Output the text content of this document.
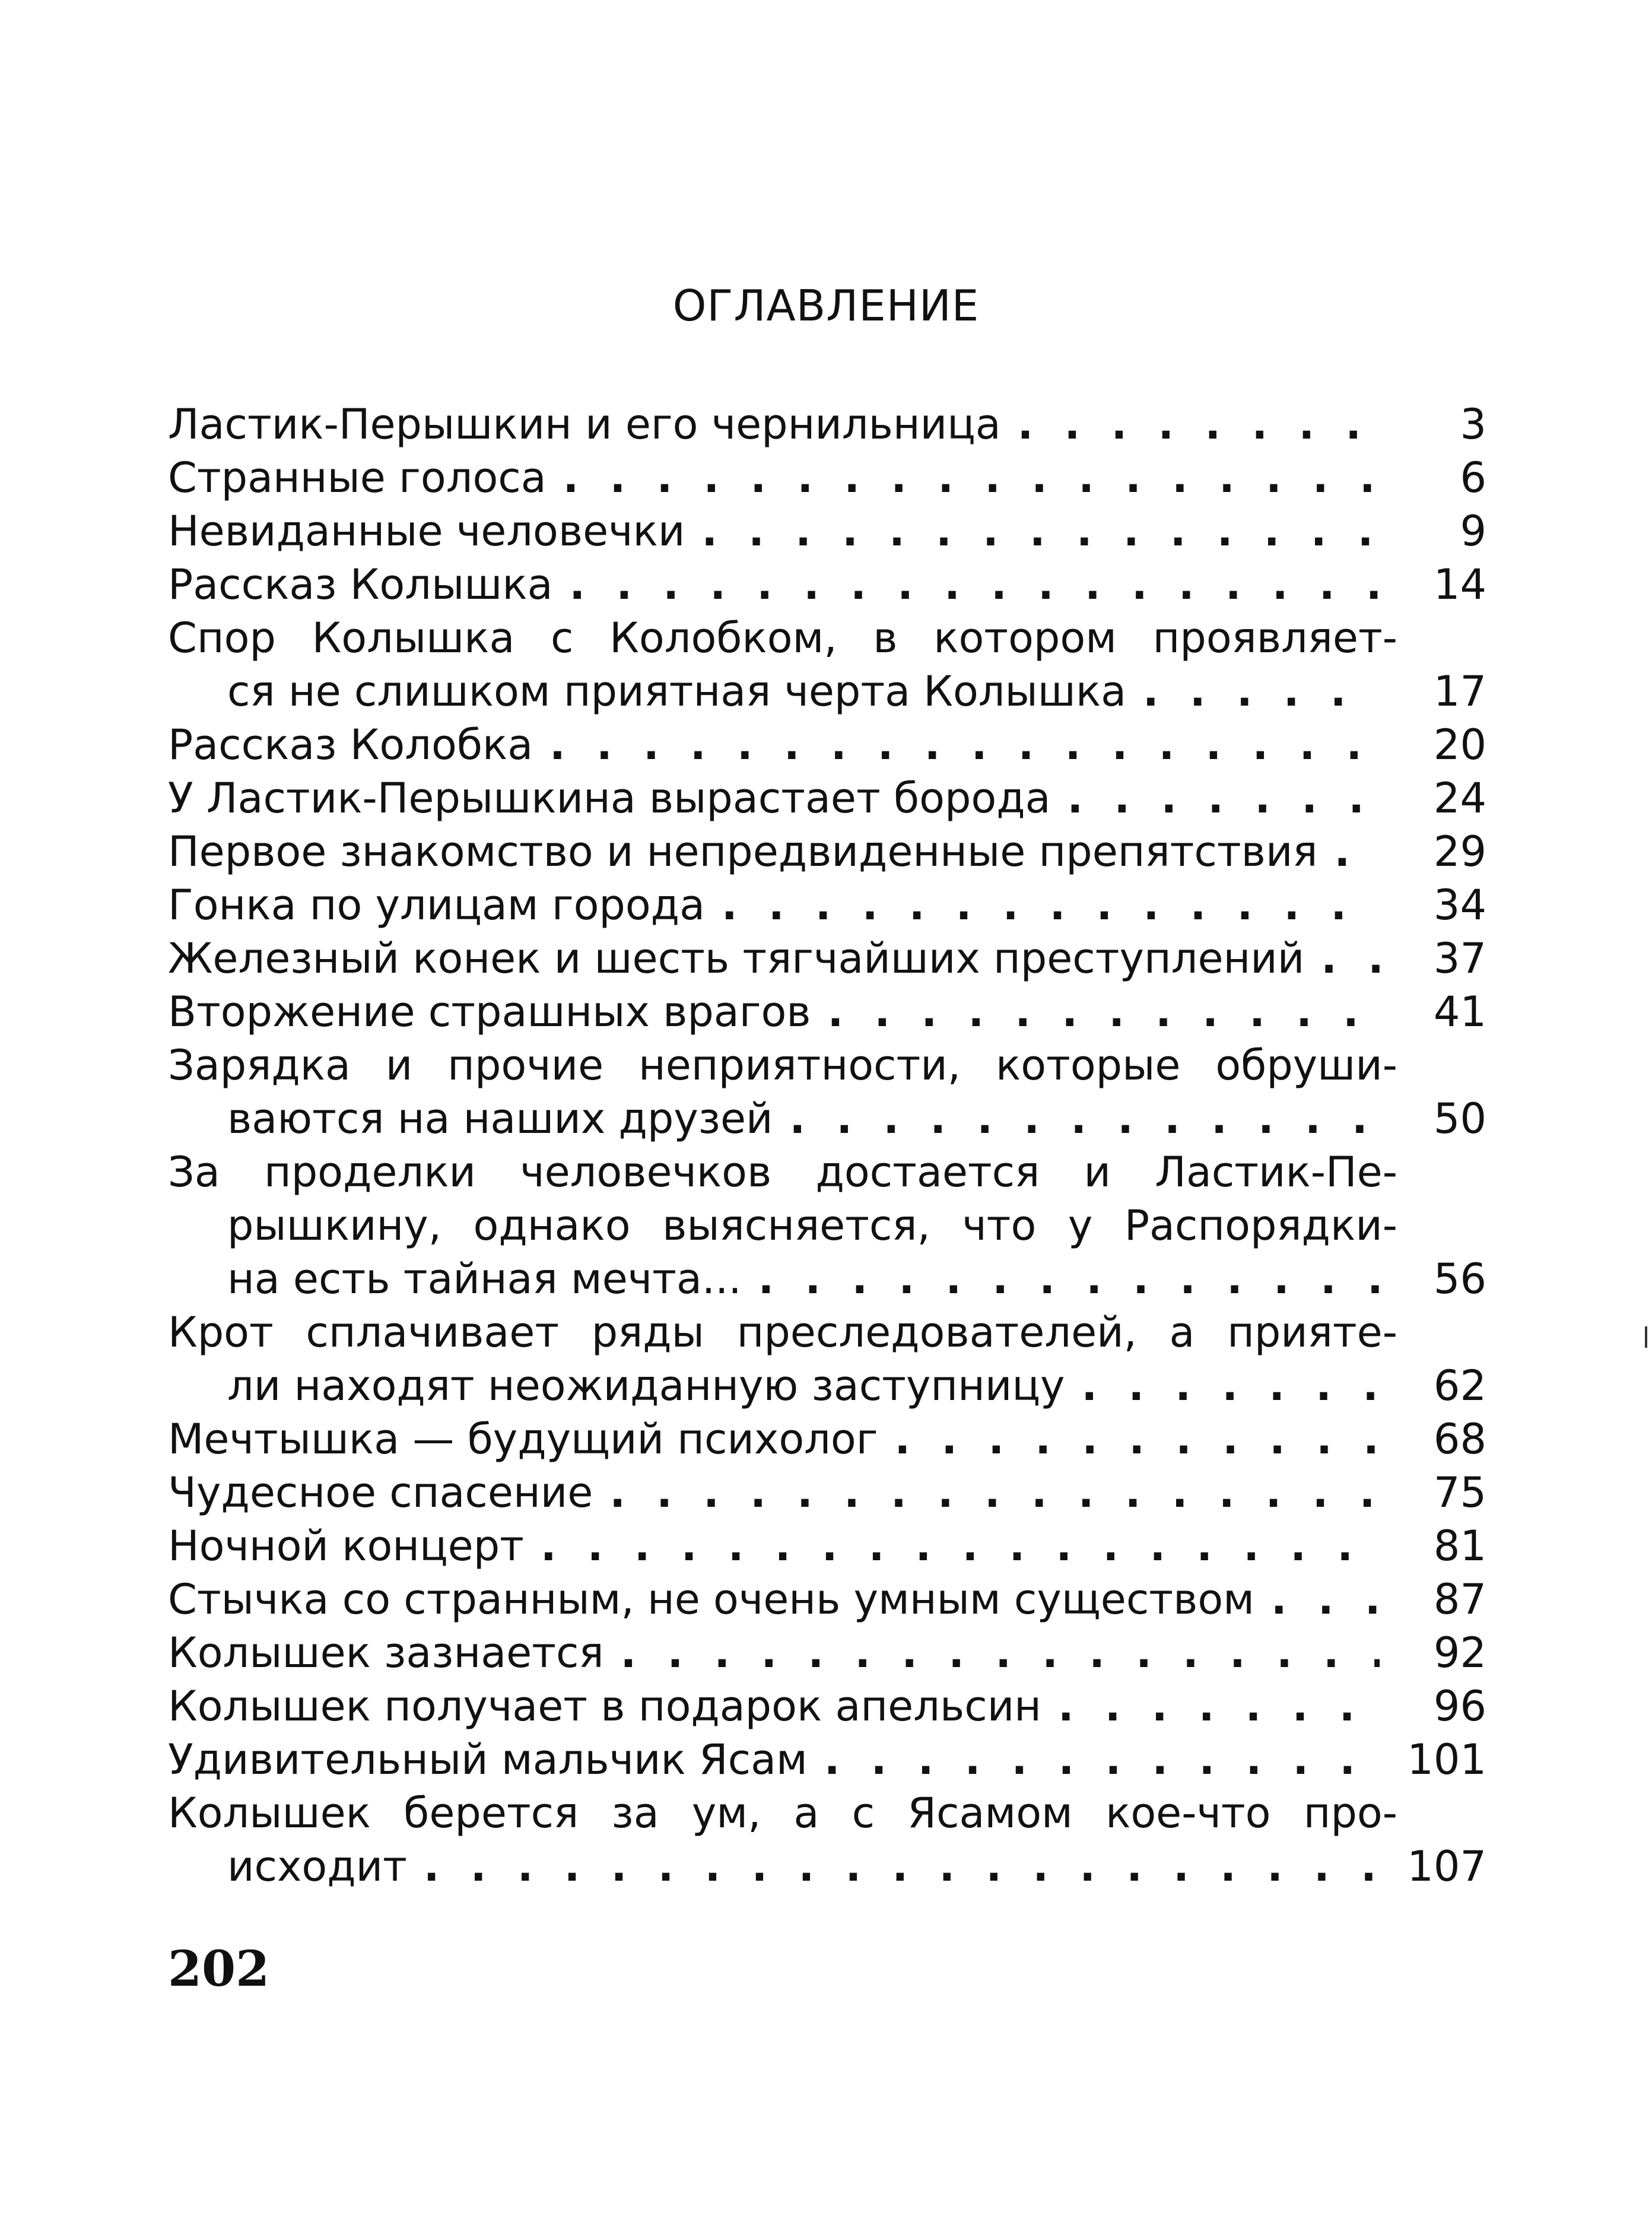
ОГЛАВЛЕНИЕ
Ластик-Перышкин и его чернильница . . .	3
Странные голоса . . .	6
Невиданные человечки . . .	9
Рассказ Колышка . . .	14
Спор Колышка с Колобком, в котором проявляет-
ся не слишком приятная черта Колышка . . .	17
Рассказ Колобка . . .	20
У Ластик-Перышкина вырастает борода . . .	24
Первое знакомство и непредвиденные препятствия . . .	29
Гонка по улицам города . . .	34
Железный конек и шесть тягчайших преступлений . . .	37
Вторжение страшных врагов . . .	41
Зарядка и прочие неприятности, которые обруши-
ваются на наших друзей . . .	50
За проделки человечков достается и Ластик-Пе-
рышкину, однако выясняется, что у Распорядки-
на есть тайная мечта... . . .	56
Крот сплачивает ряды преследователей, а прияте-
ли находят неожиданную заступницу . . .	62
Мечтышка — будущий психолог . . .	68
Чудесное спасение . . .	75
Ночной концерт . . .	81
Стычка со странным, не очень умным существом . . .	87
Колышек зазнается . . .	92
Колышек получает в подарок апельсин . . .	96
Удивительный мальчик Ясам . . .	101
Колышек берется за ум, а с Ясамом кое-что про-
исходит . . .	107
202
